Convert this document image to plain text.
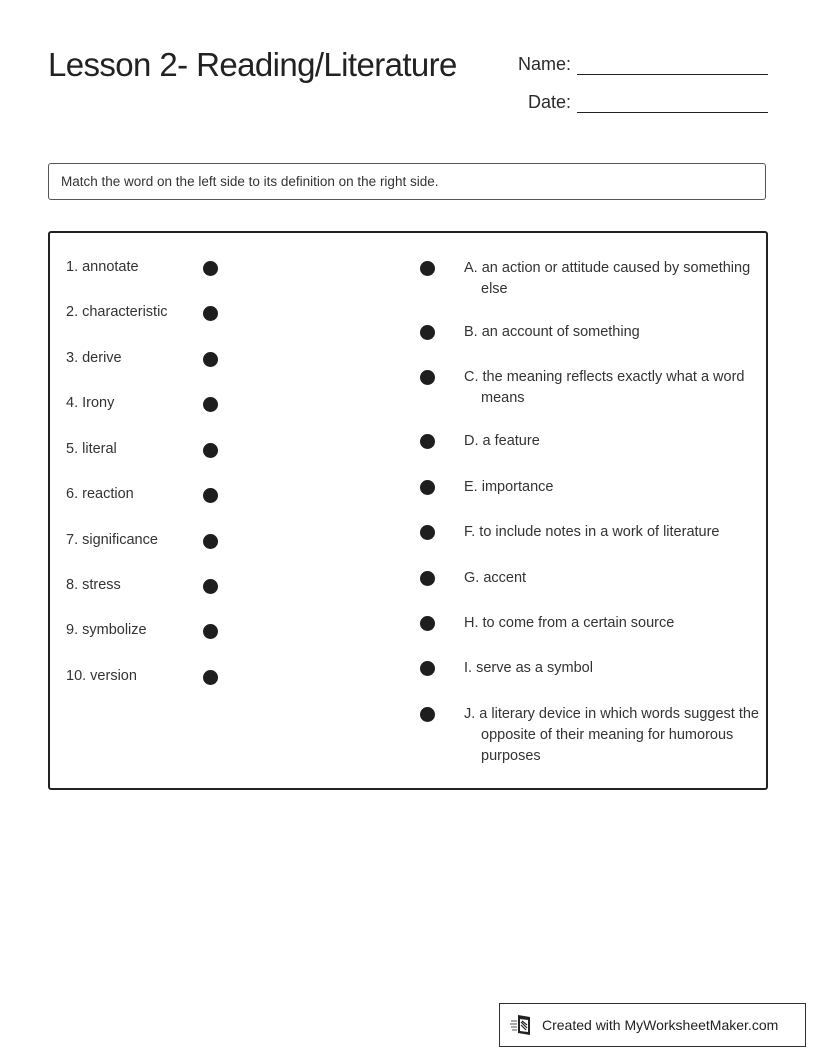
Lesson 2- Reading/Literature	Name:
Date:
Match the word on the left side to its definition on the right side.
1. annotate
2. characteristic
3. derive
4. Irony
5. literal
6. reaction
7. significance
8. stress
9. symbolize
10. version
A. an action or attitude caused by something else
B. an account of something
C. the meaning reflects exactly what a word means
D. a feature
E. importance
F. to include notes in a work of literature
G. accent
H. to come from a certain source
I. serve as a symbol
J. a literary device in which words suggest the opposite of their meaning for humorous purposes
Created with MyWorksheetMaker.com
